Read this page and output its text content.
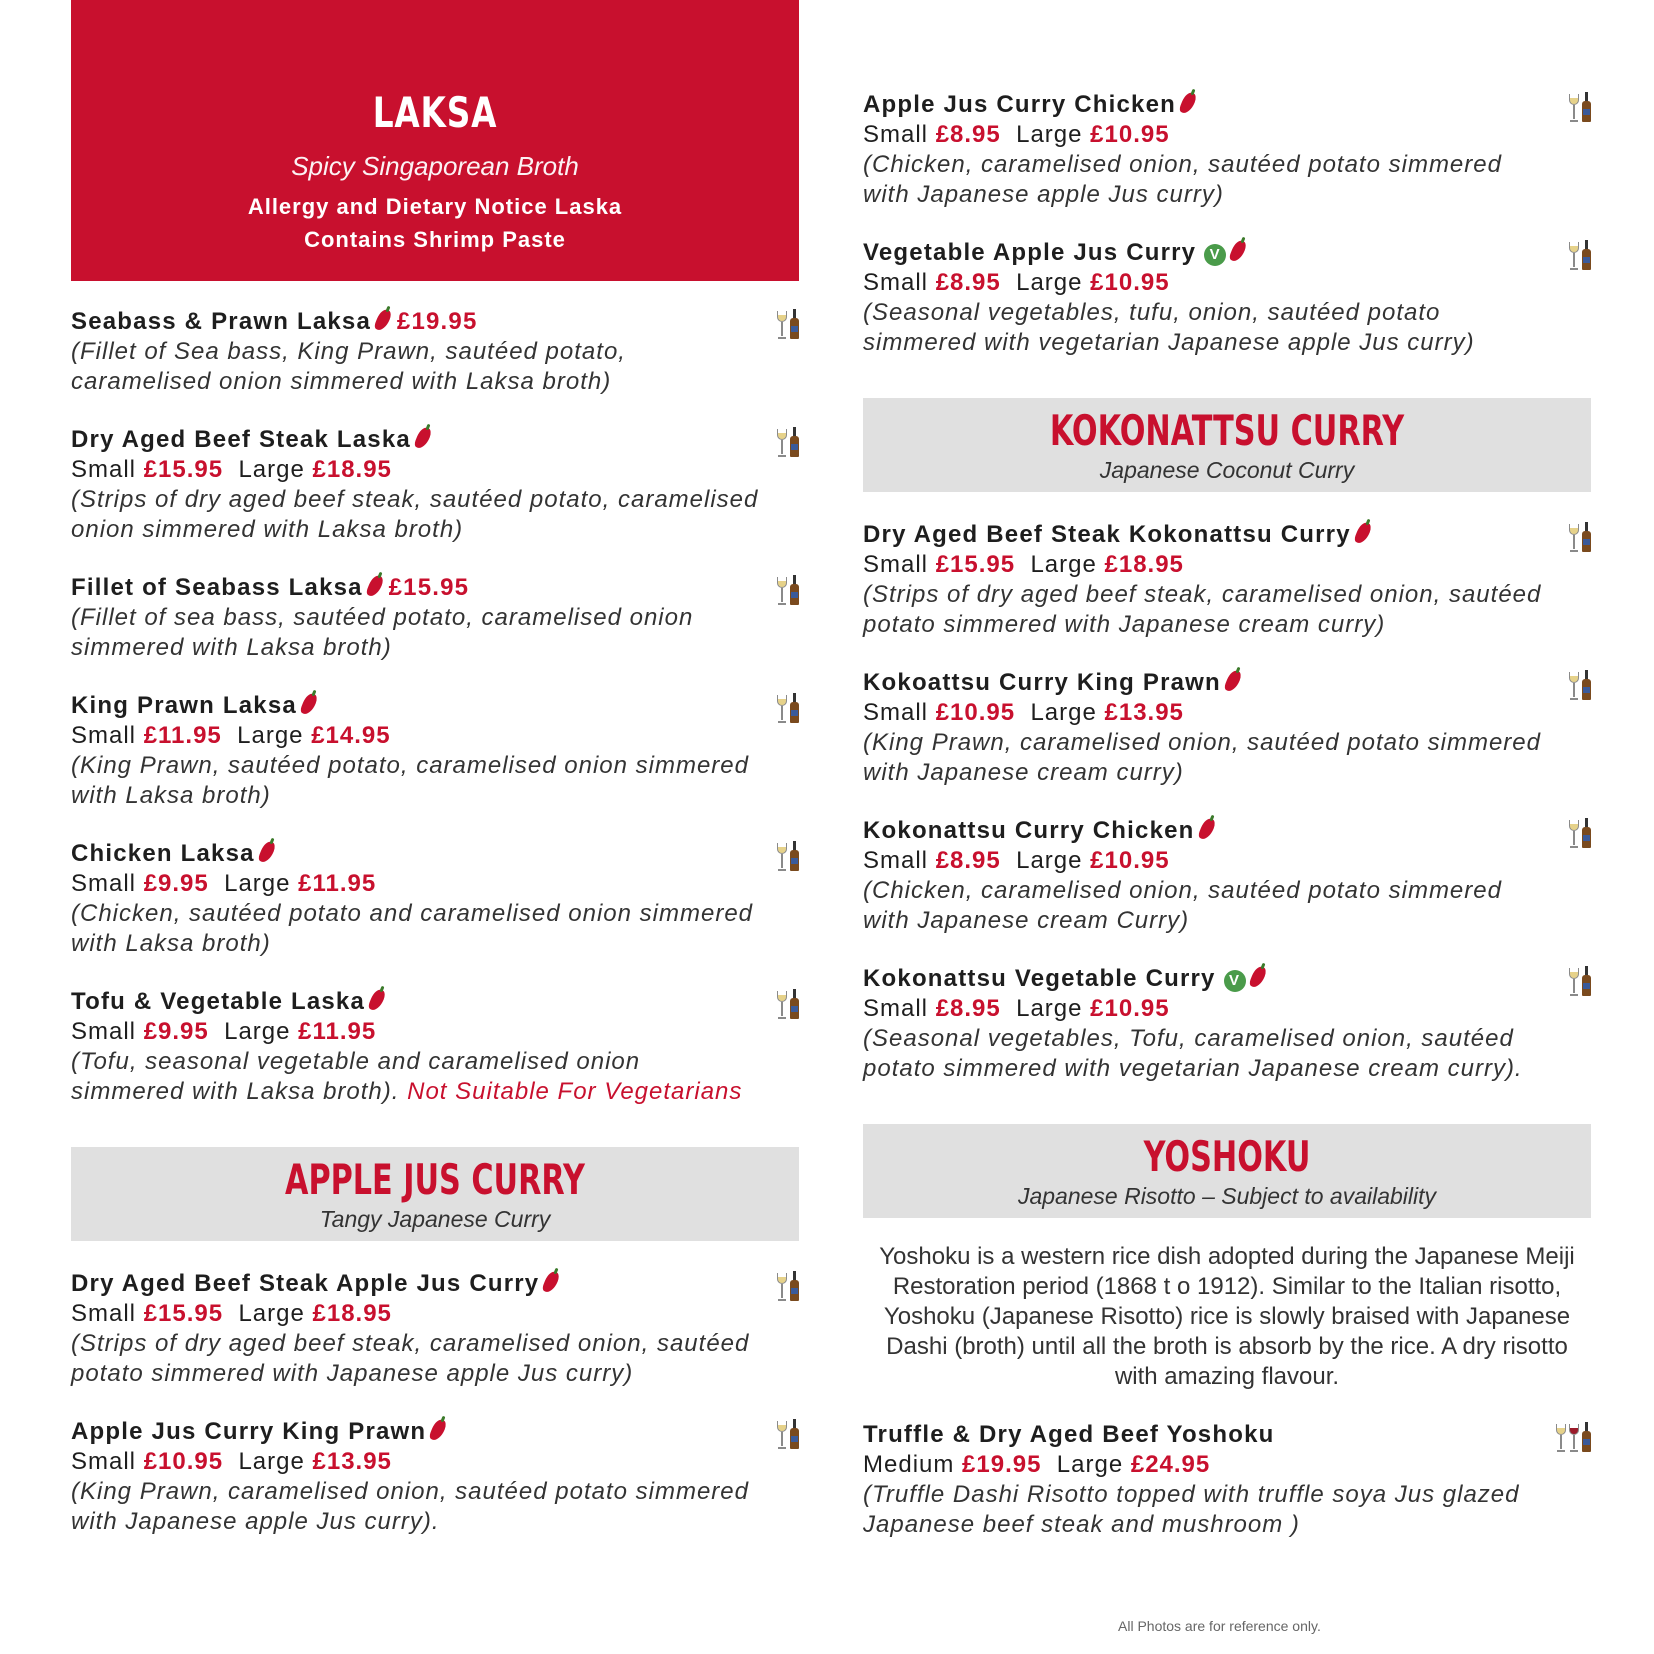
LAKSA
Spicy Singaporean Broth
Allergy and Dietary Notice Laska
Contains Shrimp Paste
Seabass & Prawn Laksa £19.95
(Fillet of Sea bass, King Prawn, sautéed potato, caramelised onion simmered with Laksa broth)
Dry Aged Beef Steak Laska
Small £15.95 Large £18.95
(Strips of dry aged beef steak, sautéed potato, caramelised onion simmered with Laksa broth)
Fillet of Seabass Laksa £15.95
(Fillet of sea bass, sautéed potato, caramelised onion simmered with Laksa broth)
King Prawn Laksa
Small £11.95 Large £14.95
(King Prawn, sautéed potato, caramelised onion simmered with Laksa broth)
Chicken Laksa
Small £9.95 Large £11.95
(Chicken, sautéed potato and caramelised onion simmered with Laksa broth)
Tofu & Vegetable Laska
Small £9.95 Large £11.95
(Tofu, seasonal vegetable and caramelised onion simmered with Laksa broth). Not Suitable For Vegetarians
APPLE JUS CURRY
Tangy Japanese Curry
Dry Aged Beef Steak Apple Jus Curry
Small £15.95 Large £18.95
(Strips of dry aged beef steak, caramelised onion, sautéed potato simmered with Japanese apple Jus curry)
Apple Jus Curry King Prawn
Small £10.95 Large £13.95
(King Prawn, caramelised onion, sautéed potato simmered with Japanese apple Jus curry).
Apple Jus Curry Chicken
Small £8.95 Large £10.95
(Chicken, caramelised onion, sautéed potato simmered with Japanese apple Jus curry)
Vegetable Apple Jus Curry V
Small £8.95 Large £10.95
(Seasonal vegetables, tufu, onion, sautéed potato simmered with vegetarian Japanese apple Jus curry)
KOKONATTSU CURRY
Japanese Coconut Curry
Dry Aged Beef Steak Kokonattsu Curry
Small £15.95 Large £18.95
(Strips of dry aged beef steak, caramelised onion, sautéed potato simmered with Japanese cream curry)
Kokoattsu Curry King Prawn
Small £10.95 Large £13.95
(King Prawn, caramelised onion, sautéed potato simmered with Japanese cream curry)
Kokonattsu Curry Chicken
Small £8.95 Large £10.95
(Chicken, caramelised onion, sautéed potato simmered with Japanese cream Curry)
Kokonattsu Vegetable Curry V
Small £8.95 Large £10.95
(Seasonal vegetables, Tofu, caramelised onion, sautéed potato simmered with vegetarian Japanese cream curry).
YOSHOKU
Japanese Risotto – Subject to availability
Yoshoku is a western rice dish adopted during the Japanese Meiji Restoration period (1868 t o 1912). Similar to the Italian risotto, Yoshoku (Japanese Risotto) rice is slowly braised with Japanese Dashi (broth) until all the broth is absorb by the rice. A dry risotto with amazing flavour.
Truffle & Dry Aged Beef Yoshoku
Medium £19.95 Large £24.95
(Truffle Dashi Risotto topped with truffle soya Jus glazed Japanese beef steak and mushroom )
All Photos are for reference only.
